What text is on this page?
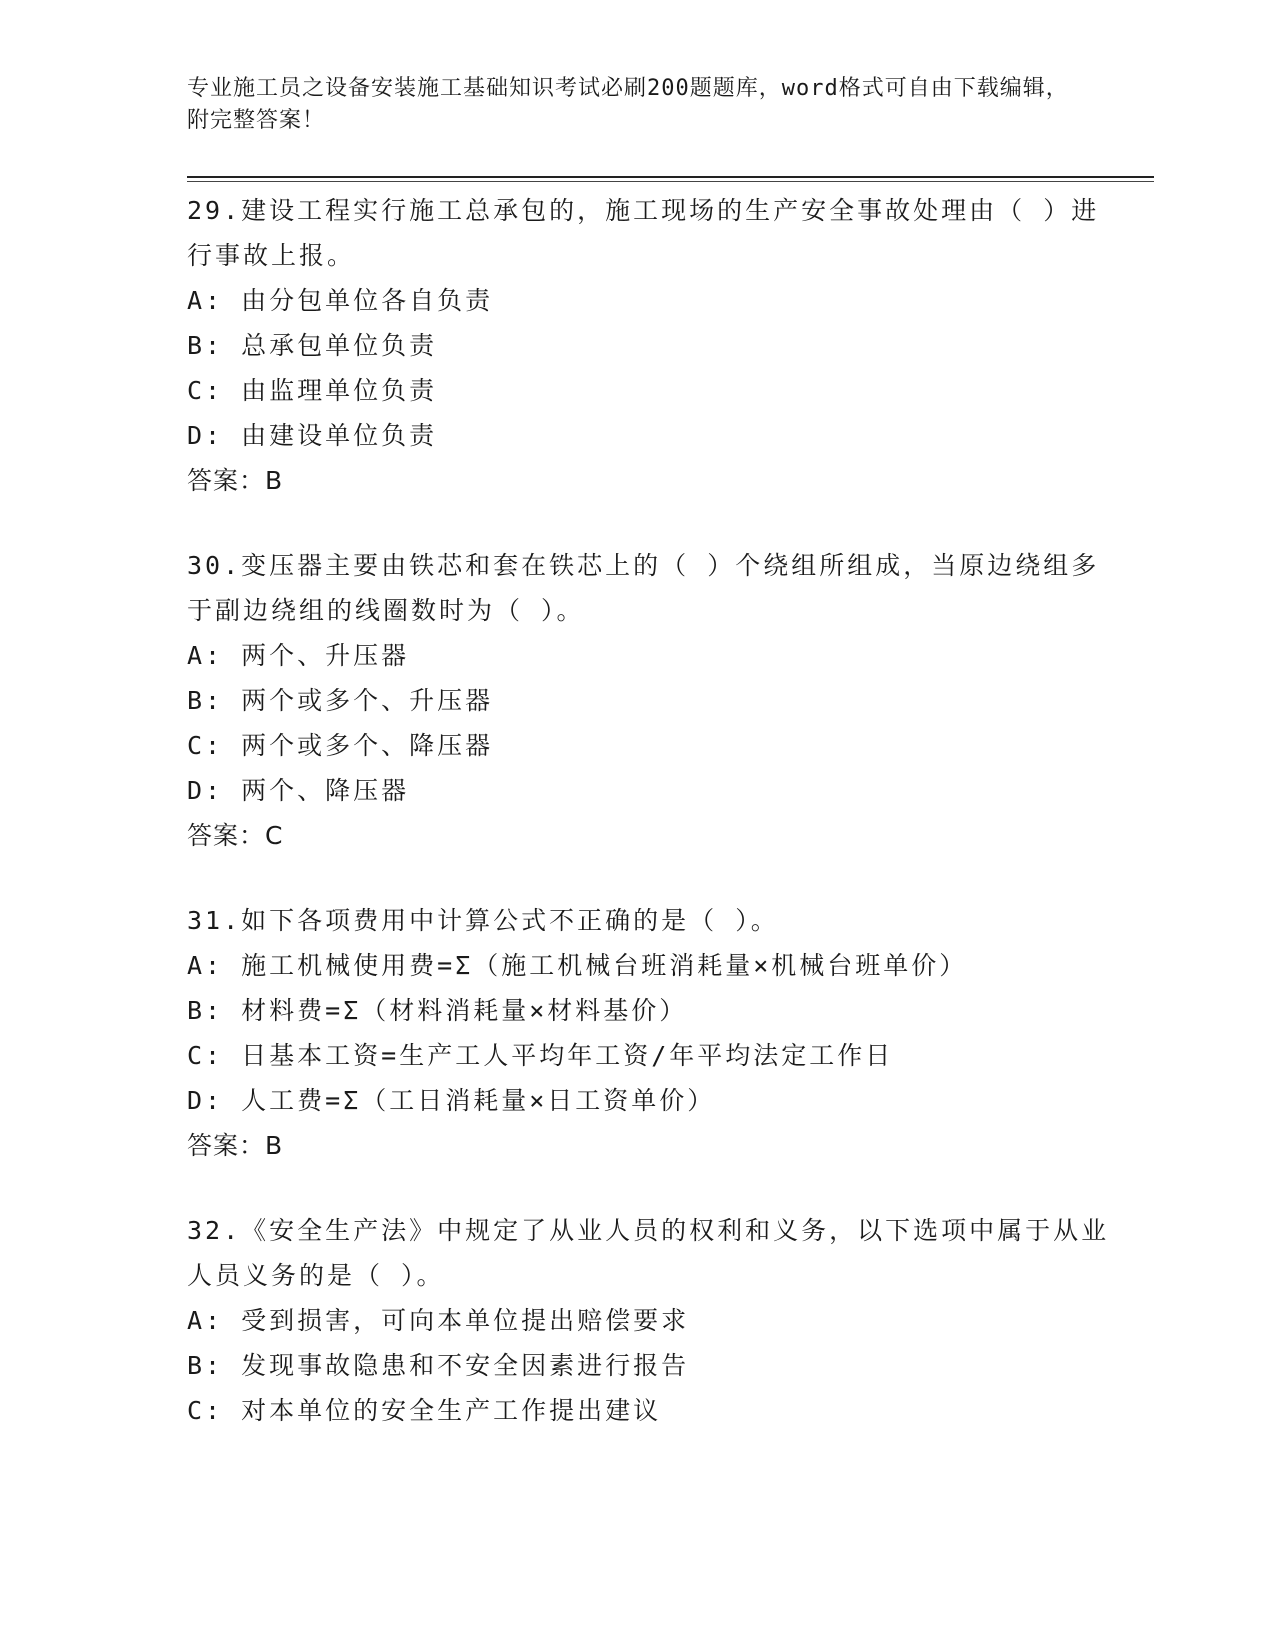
专业施工员之设备安装施工基础知识考试必刷200题题库，word格式可自由下载编辑，附完整答案！

29.建设工程实行施工总承包的，施工现场的生产安全事故处理由（ ）进行事故上报。

A: 由分包单位各自负责

B: 总承包单位负责

C: 由监理单位负责

D: 由建设单位负责

答案：B

30.变压器主要由铁芯和套在铁芯上的（ ）个绕组所组成，当原边绕组多于副边绕组的线圈数时为（ ）。

A: 两个、升压器

B: 两个或多个、升压器

C: 两个或多个、降压器

D: 两个、降压器

答案：C

31.如下各项费用中计算公式不正确的是（ ）。

A: 施工机械使用费=Σ（施工机械台班消耗量×机械台班单价）

B: 材料费=Σ（材料消耗量×材料基价）

C: 日基本工资=生产工人平均年工资/年平均法定工作日

D: 人工费=Σ（工日消耗量×日工资单价）

答案：B

32.《安全生产法》中规定了从业人员的权利和义务，以下选项中属于从业人员义务的是（ ）。

A: 受到损害，可向本单位提出赔偿要求

B: 发现事故隐患和不安全因素进行报告

C: 对本单位的安全生产工作提出建议
